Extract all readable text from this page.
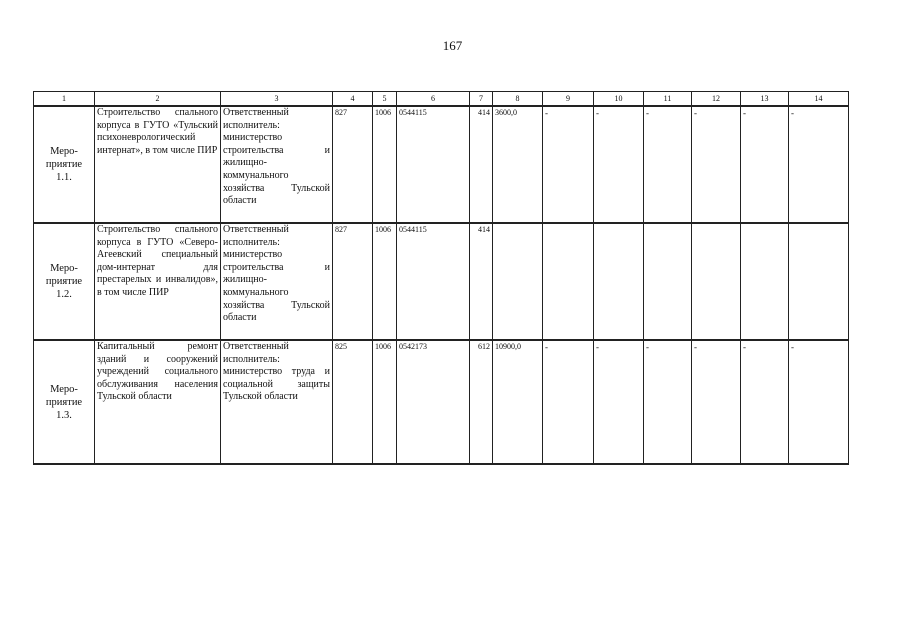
167
1	2	3	4	5	6	7	8	9	10	11	12	13	14

Меро-
приятие
1.1.	Строительство спального корпуса в ГУТО «Тульский психоневрологический интернат», в том числе ПИР	Ответственный исполнитель: министерство строительства и жилищно-коммунального хозяйства Тульской области	827	1006	0544115	414	3600,0	-	-	-	-	-	-

Меро-
приятие
1.2.	Строительство спального корпуса в ГУТО «Северо-Агеевский специальный дом-интернат для престарелых и инвалидов», в том числе ПИР	Ответственный исполнитель: министерство строительства и жилищно-коммунального хозяйства Тульской области	827	1006	0544115	414							

Меро-
приятие
1.3.	Капитальный ремонт зданий и сооружений учреждений социального обслуживания населения Тульской области	Ответственный исполнитель: министерство труда и социальной защиты Тульской области	825	1006	0542173	612	10900,0	-	-	-	-	-	-
